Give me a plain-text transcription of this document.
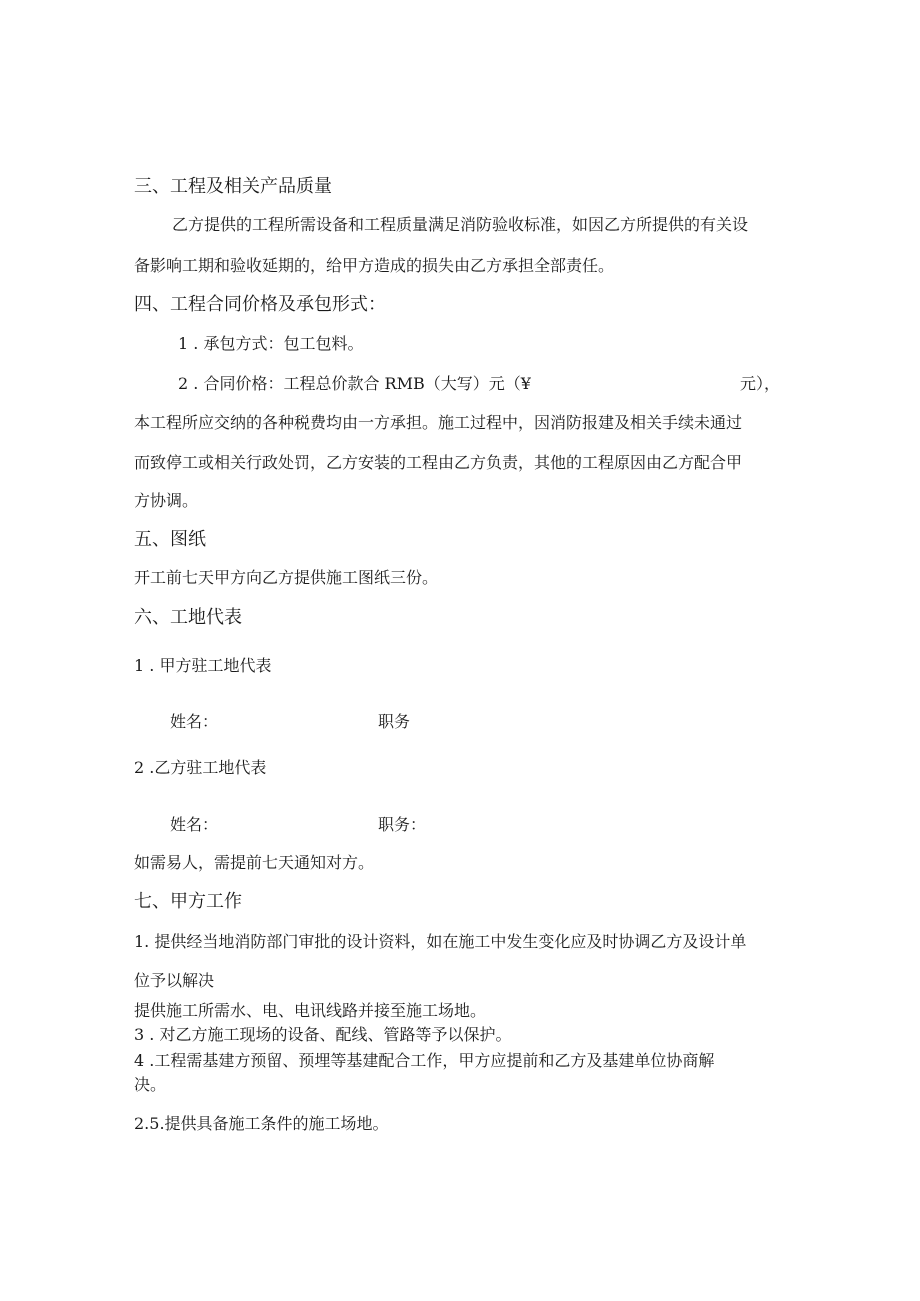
三、工程及相关产品质量
乙方提供的工程所需设备和工程质量满足消防验收标准，如因乙方所提供的有关设
备影响工期和验收延期的，给甲方造成的损失由乙方承担全部责任。
四、工程合同价格及承包形式：
1 . 承包方式：包工包料。
2 . 合同价格：工程总价款合 RMB（大写）元（¥	元），
本工程所应交纳的各种税费均由一方承担。施工过程中，因消防报建及相关手续未通过
而致停工或相关行政处罚，乙方安装的工程由乙方负责，其他的工程原因由乙方配合甲
方协调。
五、图纸
开工前七天甲方向乙方提供施工图纸三份。
六、工地代表
1 . 甲方驻工地代表
姓名：	职务
2 .乙方驻工地代表
姓名：	职务：
如需易人，需提前七天通知对方。
七、甲方工作
1. 提供经当地消防部门审批的设计资料，如在施工中发生变化应及时协调乙方及设计单
位予以解决
提供施工所需水、电、电讯线路并接至施工场地。
3 . 对乙方施工现场的设备、配线、管路等予以保护。
4 .工程需基建方预留、预埋等基建配合工作，甲方应提前和乙方及基建单位协商解
决。
2.5.提供具备施工条件的施工场地。
